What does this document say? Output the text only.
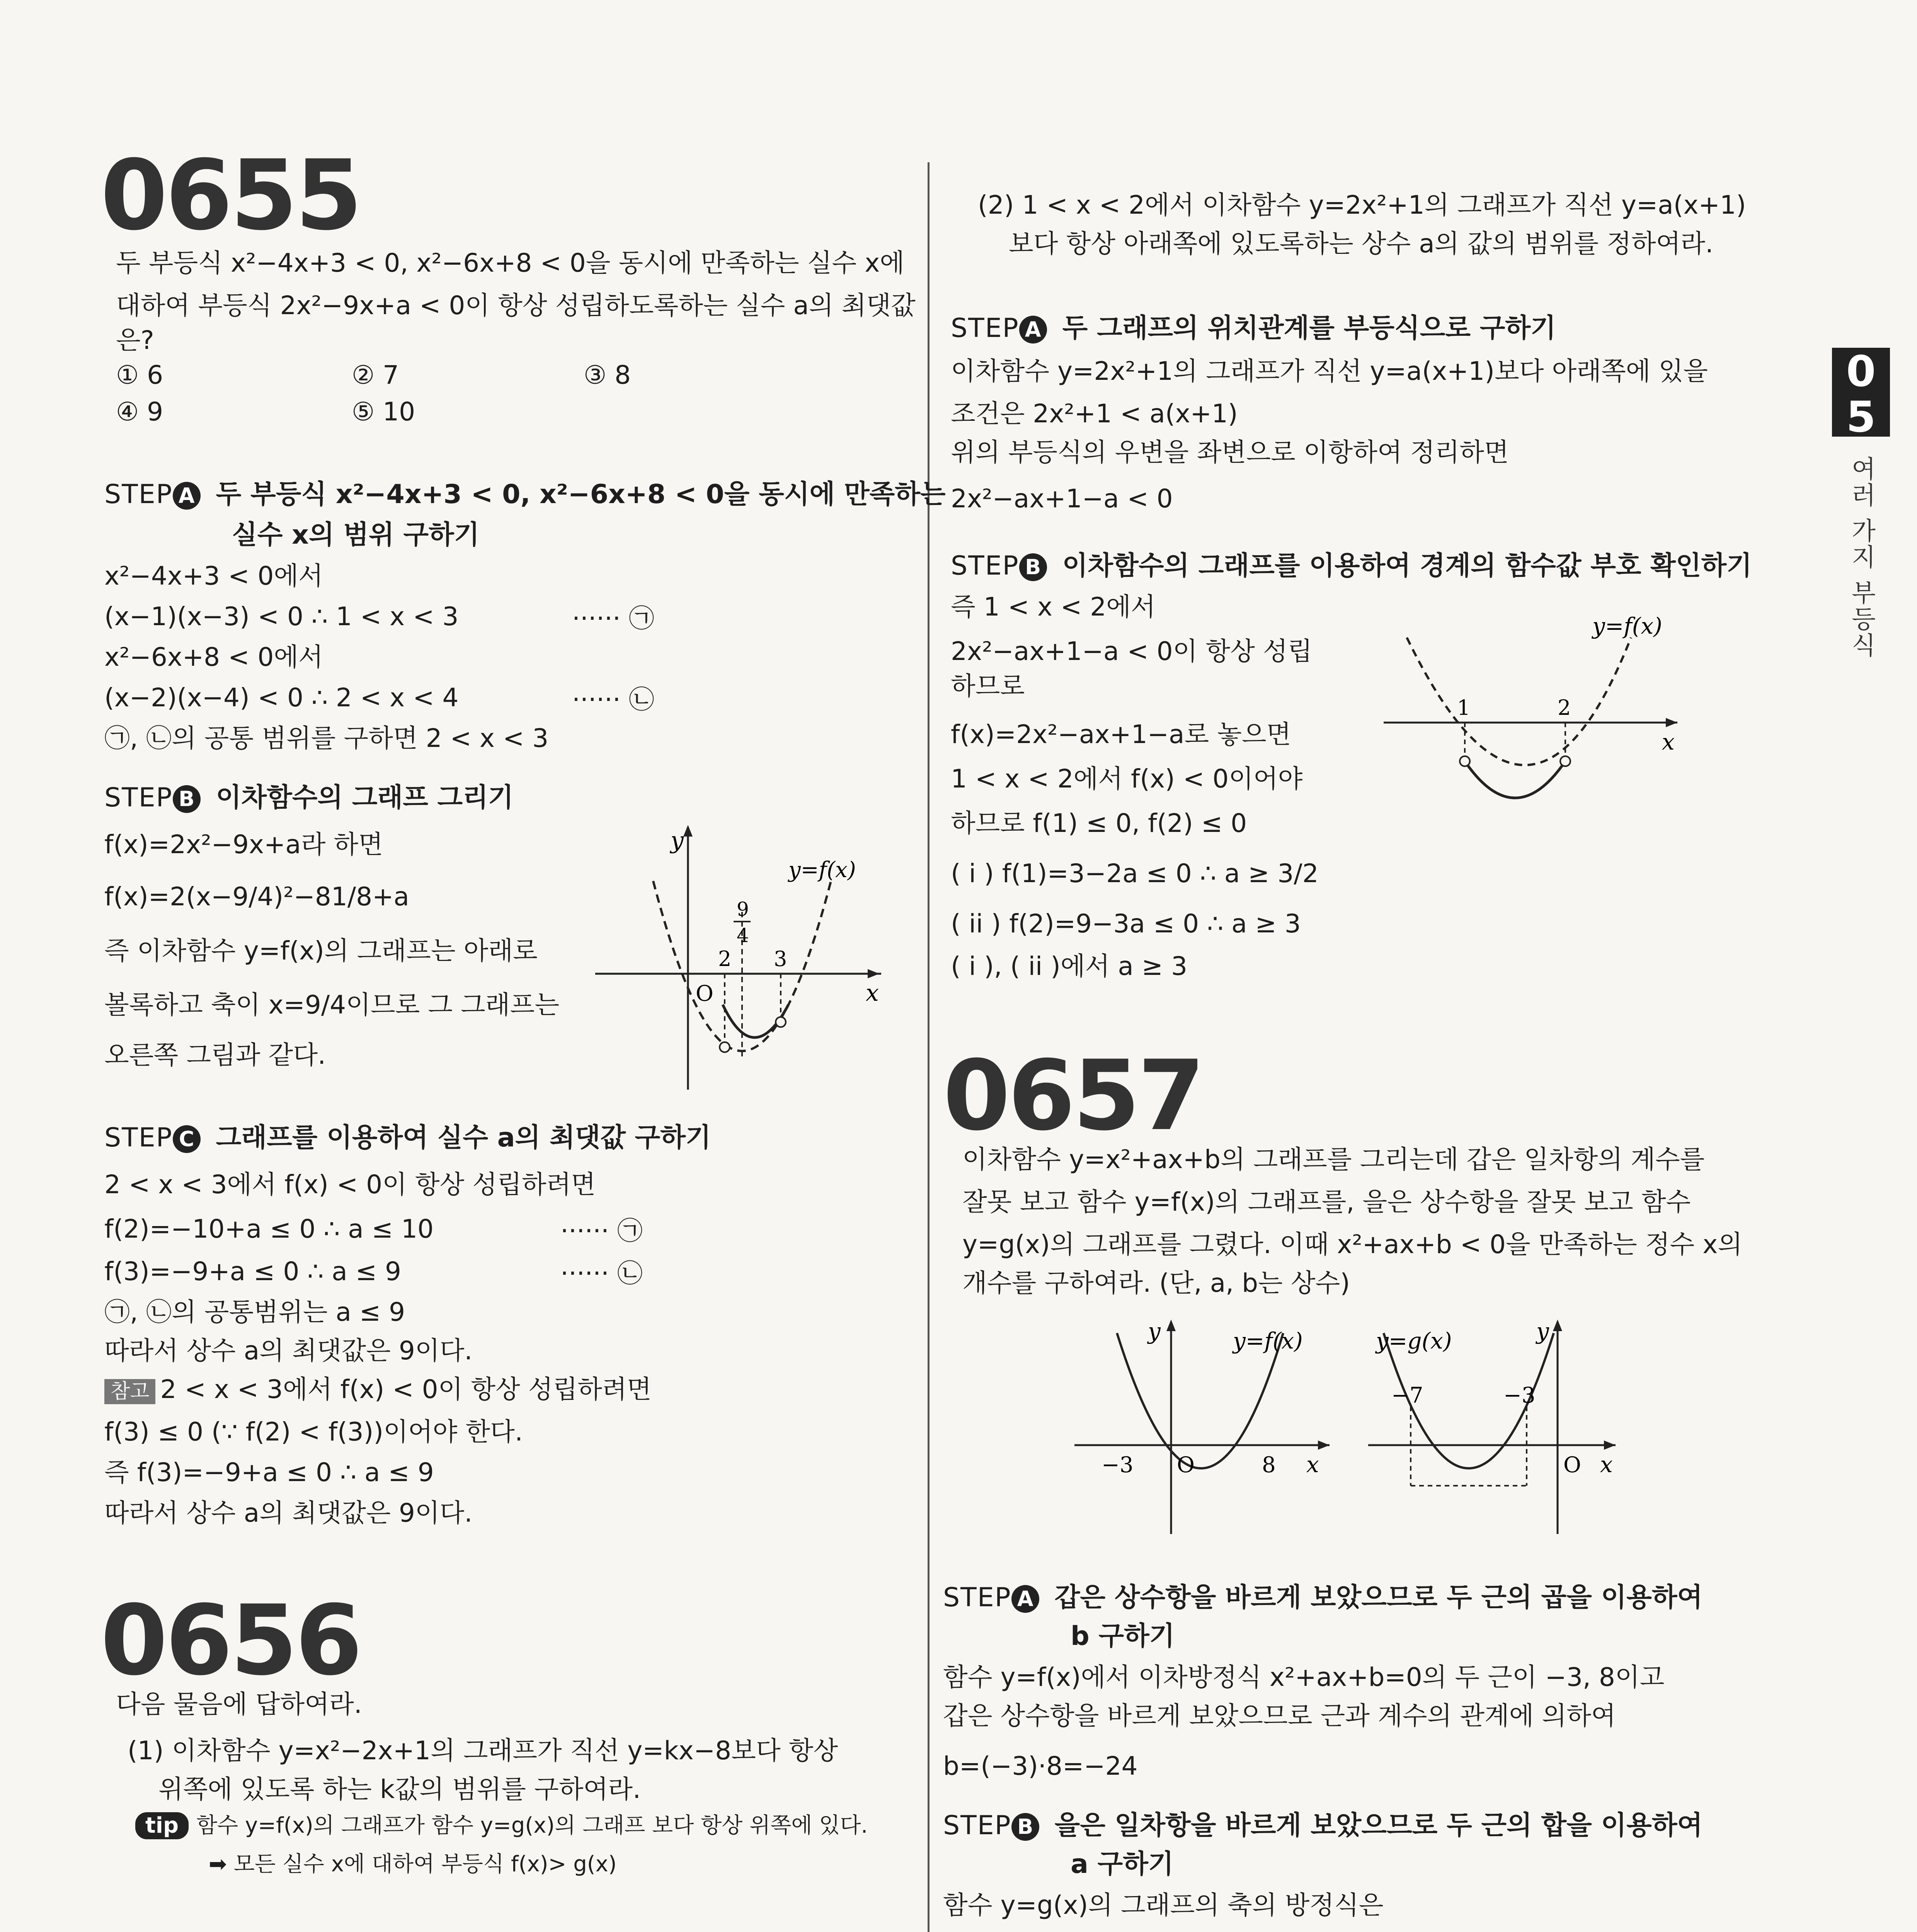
0655
두 부등식 x²−4x+3 < 0, x²−6x+8 < 0을 동시에 만족하는 실수 x에
대하여 부등식 2x²−9x+a < 0이 항상 성립하도록하는 실수 a의 최댓값
은?
① 6	② 7	③ 8
④ 9	⑤ 10
STEP A 두 부등식 x²−4x+3 < 0, x²−6x+8 < 0을 동시에 만족하는
실수 x의 범위 구하기
x²−4x+3 < 0에서
(x−1)(x−3) < 0 ∴ 1 < x < 3	······ ㉠
x²−6x+8 < 0에서
(x−2)(x−4) < 0 ∴ 2 < x < 4	······ ㉡
㉠, ㉡의 공통 범위를 구하면 2 < x < 3
STEP B 이차함수의 그래프 그리기
f(x)=2x²−9x+a라 하면
f(x)=2(x−9/4)²−81/8+a
즉 이차함수 y=f(x)의 그래프는 아래로
볼록하고 축이 x=9/4이므로 그 그래프는
오른쪽 그림과 같다.
y
x
y=f(x)
O
2 3
9
4
STEP C 그래프를 이용하여 실수 a의 최댓값 구하기
2 < x < 3에서 f(x) < 0이 항상 성립하려면
f(2)=−10+a ≤ 0 ∴ a ≤ 10	······ ㉠
f(3)=−9+a ≤ 0 ∴ a ≤ 9	······ ㉡
㉠, ㉡의 공통범위는 a ≤ 9
따라서 상수 a의 최댓값은 9이다.
참고 2 < x < 3에서 f(x) < 0이 항상 성립하려면
f(3) ≤ 0 (∵ f(2) < f(3))이어야 한다.
즉 f(3)=−9+a ≤ 0 ∴ a ≤ 9
따라서 상수 a의 최댓값은 9이다.
0656
다음 물음에 답하여라.
(1) 이차함수 y=x²−2x+1의 그래프가 직선 y=kx−8보다 항상
위쪽에 있도록 하는 k값의 범위를 구하여라.
tip 함수 y=f(x)의 그래프가 함수 y=g(x)의 그래프 보다 항상 위쪽에 있다.
➡ 모든 실수 x에 대하여 부등식 f(x)> g(x)
(2) 1 < x < 2에서 이차함수 y=2x²+1의 그래프가 직선 y=a(x+1)
보다 항상 아래쪽에 있도록하는 상수 a의 값의 범위를 정하여라.
STEP A 두 그래프의 위치관계를 부등식으로 구하기
이차함수 y=2x²+1의 그래프가 직선 y=a(x+1)보다 아래쪽에 있을
조건은 2x²+1 < a(x+1)
위의 부등식의 우변을 좌변으로 이항하여 정리하면
2x²−ax+1−a < 0
STEP B 이차함수의 그래프를 이용하여 경계의 함수값 부호 확인하기
즉 1 < x < 2에서
2x²−ax+1−a < 0이 항상 성립
하므로
f(x)=2x²−ax+1−a로 놓으면
1 < x < 2에서 f(x) < 0이어야
하므로 f(1) ≤ 0, f(2) ≤ 0
( i ) f(1)=3−2a ≤ 0 ∴ a ≥ 3/2
( ii ) f(2)=9−3a ≤ 0 ∴ a ≥ 3
( i ), ( ii )에서 a ≥ 3
y=f(x)
1	2
x
0657
이차함수 y=x²+ax+b의 그래프를 그리는데 갑은 일차항의 계수를
잘못 보고 함수 y=f(x)의 그래프를, 을은 상수항을 잘못 보고 함수
y=g(x)의 그래프를 그렸다. 이때 x²+ax+b < 0을 만족하는 정수 x의
개수를 구하여라. (단, a, b는 상수)
y	y=f(x)
−3 O	8 x
y=g(x)	y
−7	−3
O x
STEP A 갑은 상수항을 바르게 보았으므로 두 근의 곱을 이용하여
b 구하기
함수 y=f(x)에서 이차방정식 x²+ax+b=0의 두 근이 −3, 8이고
갑은 상수항을 바르게 보았으므로 근과 계수의 관계에 의하여
b=(−3)·8=−24
STEP B 을은 일차항을 바르게 보았으므로 두 근의 합을 이용하여
a 구하기
함수 y=g(x)의 그래프의 축의 방정식은
05
여러 가지 부등식
